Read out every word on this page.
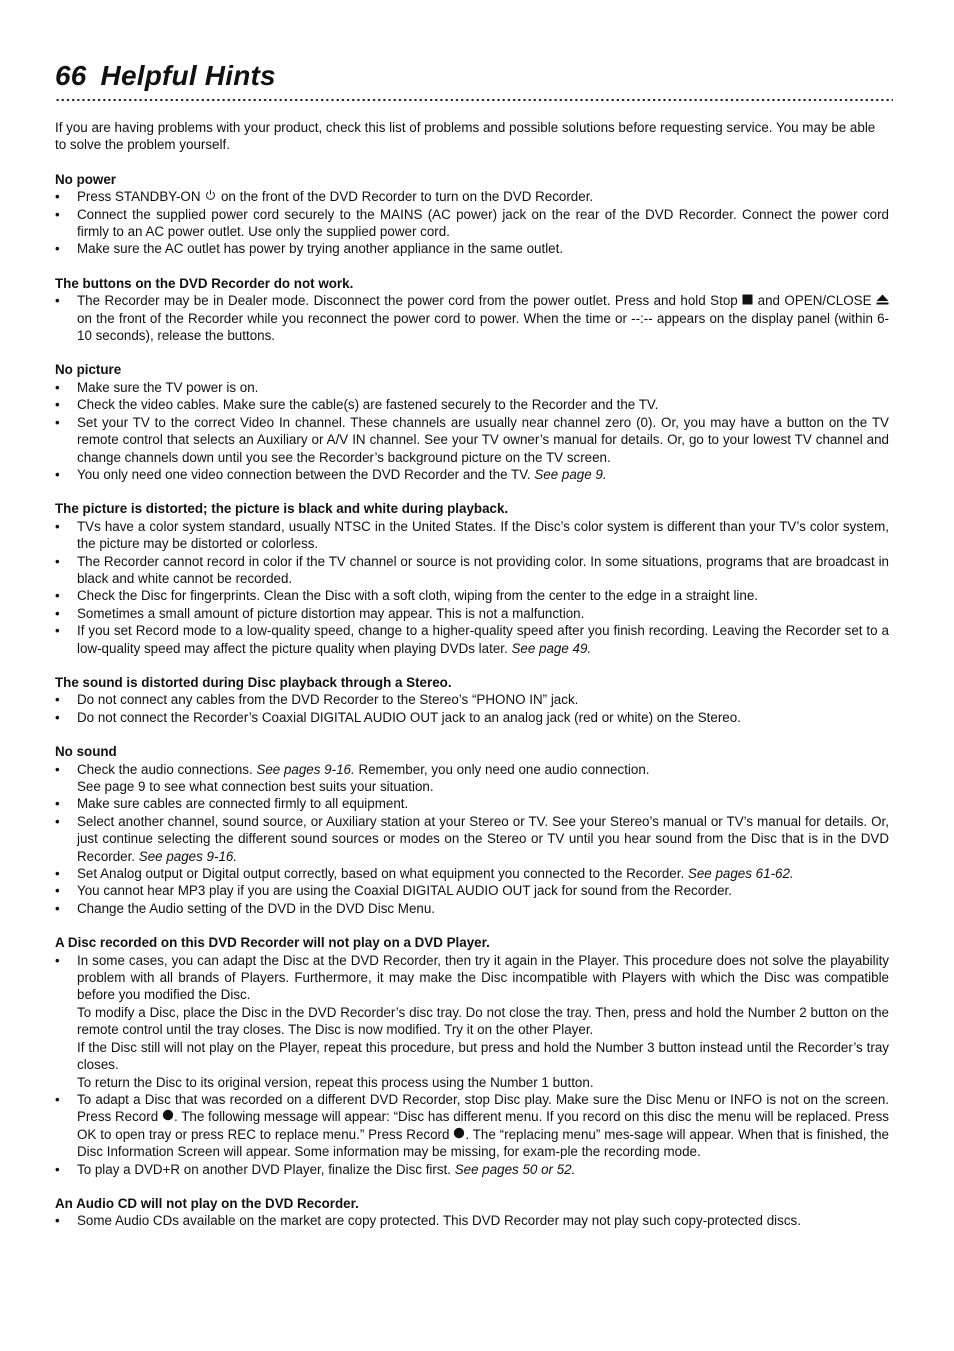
66 Helpful Hints
If you are having problems with your product, check this list of problems and possible solutions before requesting service. You may be able to solve the problem yourself.
No power
•	Press STANDBY-ON on the front of the DVD Recorder to turn on the DVD Recorder.
•	Connect the supplied power cord securely to the MAINS (AC power) jack on the rear of the DVD Recorder. Connect the power cord firmly to an AC power outlet. Use only the supplied power cord.
•	Make sure the AC outlet has power by trying another appliance in the same outlet.
The buttons on the DVD Recorder do not work.
•	The Recorder may be in Dealer mode. Disconnect the power cord from the power outlet. Press and hold Stop and OPEN/CLOSE  on the front of the Recorder while you reconnect the power cord to power. When the time or --:-- appears on the display panel (within 6-10 seconds), release the buttons.
No picture
•	Make sure the TV power is on.
•	Check the video cables. Make sure the cable(s) are fastened securely to the Recorder and the TV.
•	Set your TV to the correct Video In channel. These channels are usually near channel zero (0). Or, you may have a button on the TV remote control that selects an Auxiliary or A/V IN channel. See your TV owner’s manual for details. Or, go to your lowest TV channel and change channels down until you see the Recorder’s background picture on the TV screen.
•	You only need one video connection between the DVD Recorder and the TV. See page 9.
The picture is distorted; the picture is black and white during playback.
•	TVs have a color system standard, usually NTSC in the United States. If the Disc’s color system is different than your TV’s color system, the picture may be distorted or colorless.
•	The Recorder cannot record in color if the TV channel or source is not providing color. In some situations, programs that are broadcast in black and white cannot be recorded.
•	Check the Disc for fingerprints. Clean the Disc with a soft cloth, wiping from the center to the edge in a straight line.
•	Sometimes a small amount of picture distortion may appear. This is not a malfunction.
•	If you set Record mode to a low-quality speed, change to a higher-quality speed after you finish recording. Leaving the Recorder set to a low-quality speed may affect the picture quality when playing DVDs later. See page 49.
The sound is distorted during Disc playback through a Stereo.
•	Do not connect any cables from the DVD Recorder to the Stereo’s “PHONO IN” jack.
•	Do not connect the Recorder’s Coaxial DIGITAL AUDIO OUT jack to an analog jack (red or white) on the Stereo.
No sound
•	Check the audio connections. See pages 9-16. Remember, you only need one audio connection.
See page 9 to see what connection best suits your situation.
•	Make sure cables are connected firmly to all equipment.
•	Select another channel, sound source, or Auxiliary station at your Stereo or TV. See your Stereo’s manual or TV’s manual for details. Or, just continue selecting the different sound sources or modes on the Stereo or TV until you hear sound from the Disc that is in the DVD Recorder. See pages 9-16.
•	Set Analog output or Digital output correctly, based on what equipment you connected to the Recorder. See pages 61-62.
•	You cannot hear MP3 play if you are using the Coaxial DIGITAL AUDIO OUT jack for sound from the Recorder.
•	Change the Audio setting of the DVD in the DVD Disc Menu.
A Disc recorded on this DVD Recorder will not play on a DVD Player.
•	In some cases, you can adapt the Disc at the DVD Recorder, then try it again in the Player. This procedure does not solve the playability problem with all brands of Players. Furthermore, it may make the Disc incompatible with Players with which the Disc was compatible before you modified the Disc.
To modify a Disc, place the Disc in the DVD Recorder’s disc tray. Do not close the tray. Then, press and hold the Number 2 button on the remote control until the tray closes. The Disc is now modified. Try it on the other Player.
If the Disc still will not play on the Player, repeat this procedure, but press and hold the Number 3 button instead until the Recorder’s tray closes.
To return the Disc to its original version, repeat this process using the Number 1 button.
•	To adapt a Disc that was recorded on a different DVD Recorder, stop Disc play. Make sure the Disc Menu or INFO is not on the screen. Press Record . The following message will appear: “Disc has different menu. If you record on this disc the menu will be replaced. Press OK to open tray or press REC to replace menu.” Press Record . The “replacing menu” mes-sage will appear. When that is finished, the Disc Information Screen will appear. Some information may be missing, for exam-ple the recording mode.
•	To play a DVD+R on another DVD Player, finalize the Disc first. See pages 50 or 52.
An Audio CD will not play on the DVD Recorder.
•	Some Audio CDs available on the market are copy protected. This DVD Recorder may not play such copy-protected discs.
